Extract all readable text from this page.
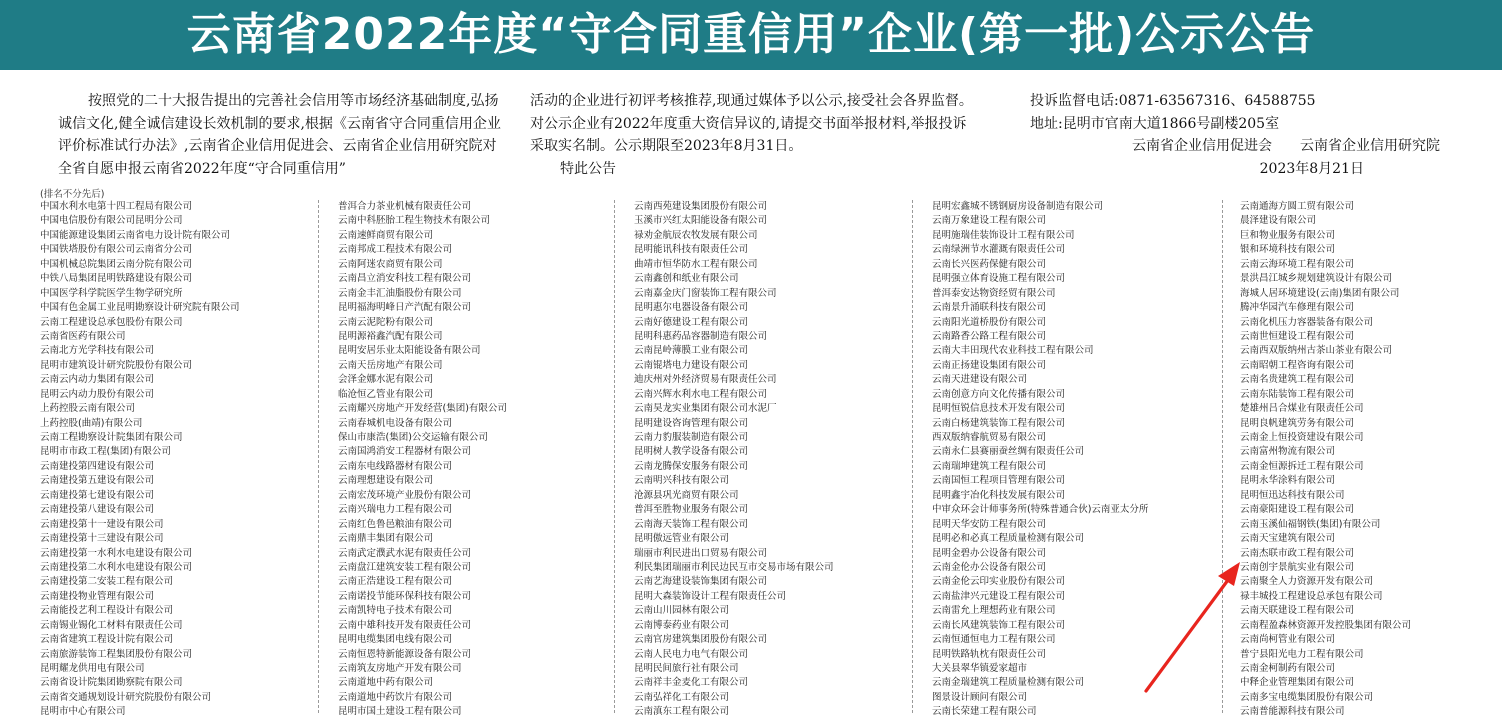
云南省2022年度“守合同重信用”企业(第一批)公示公告

按照党的二十大报告提出的完善社会信用等市场经济基础制度,弘扬诚信文化,健全诚信建设长效机制的要求,根据《云南省守合同重信用企业评价标准试行办法》,云南省企业信用促进会、云南省企业信用研究院对全省自愿申报云南省2022年度“守合同重信用”

活动的企业进行初评考核推荐,现通过媒体予以公示,接受社会各界监督。对公示企业有2022年度重大资信异议的,请提交书面举报材料,举报投诉采取实名制。公示期限至2023年8月31日。

特此公告

投诉监督电话:0871-63567316、64588755

地址:昆明市官南大道1866号副楼205室

云南省企业信用促进会　　云南省企业信用研究院

2023年8月21日

(排名不分先后)
中国水利水电第十四工程局有限公司
中国电信股份有限公司昆明分公司
中国能源建设集团云南省电力设计院有限公司
中国铁塔股份有限公司云南省分公司
中国机械总院集团云南分院有限公司
中铁八局集团昆明铁路建设有限公司
中国医学科学院医学生物学研究所
中国有色金属工业昆明勘察设计研究院有限公司
云南工程建设总承包股份有限公司
云南省医药有限公司
云南北方光学科技有限公司
昆明市建筑设计研究院股份有限公司
云南云内动力集团有限公司
昆明云内动力股份有限公司
上药控股云南有限公司
上药控股(曲靖)有限公司
云南工程勘察设计院集团有限公司
昆明市市政工程(集团)有限公司
云南建投第四建设有限公司
云南建投第五建设有限公司
云南建投第七建设有限公司
云南建投第八建设有限公司
云南建投第十一建设有限公司
云南建投第十三建设有限公司
云南建投第一水利水电建设有限公司
云南建投第二水利水电建设有限公司
云南建投第二安装工程有限公司
云南建投物业管理有限公司
云南能投艺利工程设计有限公司
云南锡业锡化工材料有限责任公司
云南省建筑工程设计院有限公司
云南旅游装饰工程集团股份有限公司
昆明耀龙供用电有限公司
云南省设计院集团勘察院有限公司
云南省交通规划设计研究院股份有限公司
昆明市中心有限公司
普洱合力茶业机械有限责任公司
云南中科胚胎工程生物技术有限公司
云南速鲜商贸有限公司
云南邦成工程技术有限公司
云南阿迷农商贸有限公司
云南昌立消安科技工程有限公司
云南金丰汇油脂股份有限公司
昆明福海明峰日产汽配有限公司
云南云泥陀粉有限公司
昆明源裕鑫汽配有限公司
昆明安居乐业太阳能设备有限公司
云南天岳房地产有限公司
会泽金娜水泥有限公司
临沧恒乙管业有限公司
云南耀兴房地产开发经营(集团)有限公司
云南春城机电设备有限公司
保山市康浩(集团)公交运输有限公司
云南国鸿消安工程器材有限公司
云南东电线路器材有限公司
云南理想建设有限公司
云南宏茂环境产业股份有限公司
云南兴瑞电力工程有限公司
云南红色鲁邑粮油有限公司
云南鼎丰集团有限公司
云南武定濮武水泥有限责任公司
云南盘江建筑安装工程有限公司
云南正浩建设工程有限公司
云南诺投节能环保科技有限公司
云南凯特电子技术有限公司
云南中雄科技开发有限责任公司
昆明电缆集团电线有限公司
云南恒恩特新能源设备有限公司
云南筑友房地产开发有限公司
云南道地中药有限公司
云南道地中药饮片有限公司
昆明市国土建设工程有限公司
云南西苑建设集团股份有限公司
玉溪市兴红太阳能设备有限公司
禄劝金航辰农牧发展有限公司
昆明能讯科技有限责任公司
曲靖市恒华防水工程有限公司
云南鑫创和纸业有限公司
云南嘉金庆门窗装饰工程有限公司
昆明惠尔电器设备有限公司
云南好德建设工程有限公司
昆明科惠药品容器制造有限公司
云南昆岭薄膜工业有限公司
云南锟塔电力建设有限公司
迪庆州对外经济贸易有限责任公司
云南兴辉水利水电工程有限公司
云南昊龙实业集团有限公司水泥厂
昆明建设咨询管理有限公司
云南力豹服装制造有限公司
昆明树人教学设备有限公司
云南龙腾保安服务有限公司
云南明兴科技有限公司
沧源县巩光商贸有限公司
普洱至胜物业服务有限公司
云南海天装饰工程有限公司
昆明傲远管业有限公司
瑞丽市利民进出口贸易有限公司
利民集团瑞丽市利民边民互市交易市场有限公司
云南艺海建设装饰集团有限公司
昆明大森装饰设计工程有限责任公司
云南山川园林有限公司
云南博泰药业有限公司
云南官房建筑集团股份有限公司
云南人民电力电气有限公司
昆明民间旅行社有限公司
云南祥丰金麦化工有限公司
云南弘祥化工有限公司
云南滇东工程有限公司
昆明宏鑫城不锈钢厨房设备制造有限公司
云南万象建设工程有限公司
昆明施瑞佳装饰设计工程有限公司
云南绿洲节水灌溉有限责任公司
云南长兴医药保健有限公司
昆明强立体育设施工程有限公司
普洱泰安达物资经贸有限公司
云南景升涌联科技有限公司
云南阳光道桥股份有限公司
云南路香公路工程有限公司
云南大丰田现代农业科技工程有限公司
云南正扬建设集团有限公司
云南天进建设有限公司
云南创意方向文化传播有限公司
昆明恒锐信息技术开发有限公司
云南白杨建筑装饰工程有限公司
西双版纳睿航贸易有限公司
云南永仁县赛丽蚕丝绸有限责任公司
云南瑞坤建筑工程有限公司
云南国恒工程项目管理有限公司
昆明鑫宇冶化科技发展有限公司
中审众环会计师事务所(特殊普通合伙)云南亚太分所
昆明天华安防工程有限公司
昆明必和必真工程质量检测有限公司
昆明金碧办公设备有限公司
云南金伦办公设备有限公司
云南金伦云印实业股份有限公司
云南盐津兴元建设工程有限公司
云南雷允上理想药业有限公司
云南长风建筑装饰工程有限公司
云南恒通恒电力工程有限公司
昆明铁路轨枕有限责任公司
大关县翠华镇爱家超市
云南金瑞建筑工程质量检测有限公司
图景设计顾问有限公司
云南长荣建工程有限公司
云南通海方圆工贸有限公司
晨泽建设有限公司
巨和物业服务有限公司
银和环境科技有限公司
云南云海环境工程有限公司
景洪昌江城乡规划建筑设计有限公司
海城人居环境建设(云南)集团有限公司
腾冲华园汽车修理有限公司
云南化机压力容器装备有限公司
云南世恒建设工程有限公司
云南西双版纳州古茶山茶业有限公司
云南昭朝工程咨询有限公司
云南名贵建筑工程有限公司
云南东陆装饰工程有限公司
楚雄州吕合煤业有限责任公司
昆明良帆建筑劳务有限公司
云南金上恒投资建设有限公司
云南富州物流有限公司
云南金恒源拆迁工程有限公司
昆明永华涂料有限公司
昆明恒迅达科技有限公司
云南豪阳建设工程有限公司
云南玉溪仙福钢铁(集团)有限公司
云南天宝建筑有限公司
云南杰联市政工程有限公司
云南创宇景航实业有限公司
云南聚全人力资源开发有限公司
禄丰城投工程建设总承包有限公司
云南天联建设工程有限公司
云南程盈森林资源开发控股集团有限公司
云南尚柯管业有限公司
普宁县阳光电力工程有限公司
云南金柯制药有限公司
中释企业管理集团有限公司
云南多宝电缆集团股份有限公司
云南普能源科技有限公司
